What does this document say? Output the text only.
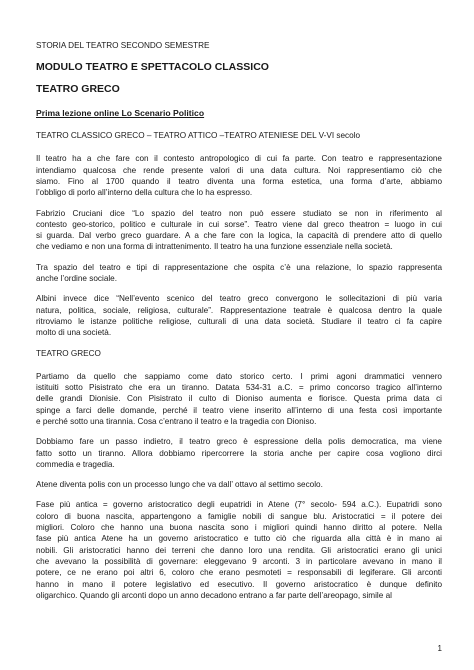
STORIA DEL TEATRO SECONDO SEMESTRE

MODULO TEATRO E SPETTACOLO CLASSICO

TEATRO GRECO

Prima lezione online Lo Scenario Politico

TEATRO CLASSICO GRECO – TEATRO ATTICO –TEATRO ATENIESE DEL V-VI secolo

Il teatro ha a che fare con il contesto antropologico di cui fa parte. Con teatro e rappresentazione

intendiamo qualcosa che rende presente valori di una data cultura. Noi rappresentiamo ciò che

siamo. Fino al 1700 quando il teatro diventa una forma estetica, una forma d’arte, abbiamo

l’obbligo di porlo all’interno della cultura che lo ha espresso.

Fabrizio Cruciani dice “Lo spazio del teatro non può essere studiato se non in riferimento al

contesto geo-storico, politico e culturale in cui sorse”. Teatro viene dal greco theatron = luogo in cui

si guarda. Dal verbo greco guardare. A a che fare con la logica, la capacità di prendere atto di quello

che vediamo e non una forma di intrattenimento. Il teatro ha una funzione essenziale nella società.

Tra spazio del teatro e tipi di rappresentazione che ospita c’è una relazione, lo spazio rappresenta

anche l’ordine sociale.

Albini invece dice “Nell’evento scenico del teatro greco convergono le sollecitazioni di più varia

natura, politica, sociale, religiosa, culturale”. Rappresentazione teatrale è qualcosa dentro la quale

ritroviamo le istanze politiche religiose, culturali di una data società. Studiare il teatro ci fa capire

molto di una società.

TEATRO GRECO

Partiamo da quello che sappiamo come dato storico certo. I primi agoni drammatici vennero

istituiti sotto Pisistrato che era un tiranno. Datata 534-31 a.C. = primo concorso tragico all’interno

delle grandi Dionisie. Con Pisistrato il culto di Dioniso aumenta e fiorisce. Questa prima data ci

spinge a farci delle domande, perché il teatro viene inserito all’interno di una festa così importante

e perché sotto una tirannia. Cosa c’entrano il teatro e la tragedia con Dioniso.

Dobbiamo fare un passo indietro, il teatro greco è espressione della polis democratica, ma viene

fatto sotto un tiranno. Allora dobbiamo ripercorrere la storia anche per capire cosa vogliono dirci

commedia e tragedia.

Atene diventa polis con un processo lungo che va dall’ ottavo al settimo secolo.

Fase più antica = governo aristocratico degli eupatridi in Atene (7° secolo- 594 a.C.). Eupatridi sono

coloro di buona nascita, appartengono a famiglie nobili di sangue blu. Aristocratici = il potere dei

migliori. Coloro che hanno una buona nascita sono i migliori quindi hanno diritto al potere. Nella

fase più antica Atene ha un governo aristocratico e tutto ciò che riguarda alla città è in mano ai

nobili. Gli aristocratici hanno dei terreni che danno loro una rendita. Gli aristocratici erano gli unici

che avevano la possibilità di governare: eleggevano 9 arconti. 3 in particolare avevano in mano il

potere, ce ne erano poi altri 6, coloro che erano pesmoteti = responsabili di legiferare. Gli arconti

hanno in mano il potere legislativo ed esecutivo. Il governo aristocratico è dunque definito

oligarchico. Quando gli arconti dopo un anno decadono entrano a far parte dell’areopago, simile al

1
